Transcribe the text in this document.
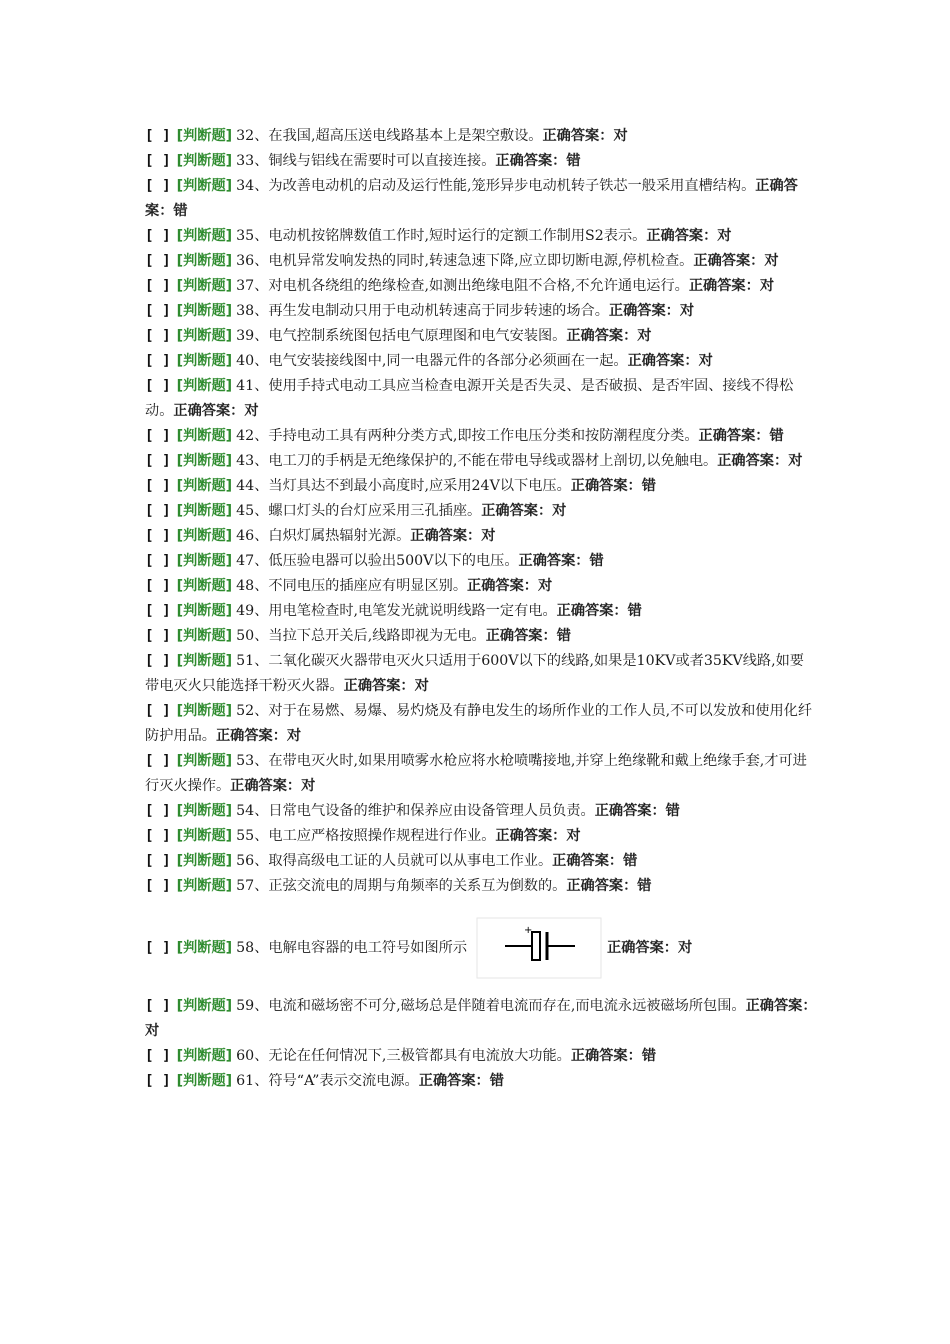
[ ] [判断题] 32、在我国,超高压送电线路基本上是架空敷设。正确答案：对

[ ] [判断题] 33、铜线与铝线在需要时可以直接连接。正确答案：错

[ ] [判断题] 34、为改善电动机的启动及运行性能,笼形异步电动机转子铁芯一般采用直槽结构。正确答案：错

[ ] [判断题] 35、电动机按铭牌数值工作时,短时运行的定额工作制用S2表示。正确答案：对

[ ] [判断题] 36、电机异常发响发热的同时,转速急速下降,应立即切断电源,停机检查。正确答案：对

[ ] [判断题] 37、对电机各绕组的绝缘检查,如测出绝缘电阻不合格,不允许通电运行。正确答案：对

[ ] [判断题] 38、再生发电制动只用于电动机转速高于同步转速的场合。正确答案：对

[ ] [判断题] 39、电气控制系统图包括电气原理图和电气安装图。正确答案：对

[ ] [判断题] 40、电气安装接线图中,同一电器元件的各部分必须画在一起。正确答案：对

[ ] [判断题] 41、使用手持式电动工具应当检查电源开关是否失灵、是否破损、是否牢固、接线不得松动。正确答案：对

[ ] [判断题] 42、手持电动工具有两种分类方式,即按工作电压分类和按防潮程度分类。正确答案：错

[ ] [判断题] 43、电工刀的手柄是无绝缘保护的,不能在带电导线或器材上剖切,以免触电。正确答案：对

[ ] [判断题] 44、当灯具达不到最小高度时,应采用24V以下电压。正确答案：错

[ ] [判断题] 45、螺口灯头的台灯应采用三孔插座。正确答案：对

[ ] [判断题] 46、白炽灯属热辐射光源。正确答案：对

[ ] [判断题] 47、低压验电器可以验出500V以下的电压。正确答案：错

[ ] [判断题] 48、不同电压的插座应有明显区别。正确答案：对

[ ] [判断题] 49、用电笔检查时,电笔发光就说明线路一定有电。正确答案：错

[ ] [判断题] 50、当拉下总开关后,线路即视为无电。正确答案：错

[ ] [判断题] 51、二氧化碳灭火器带电灭火只适用于600V以下的线路,如果是10KV或者35KV线路,如要带电灭火只能选择干粉灭火器。正确答案：对

[ ] [判断题] 52、对于在易燃、易爆、易灼烧及有静电发生的场所作业的工作人员,不可以发放和使用化纤防护用品。正确答案：对

[ ] [判断题] 53、在带电灭火时,如果用喷雾水枪应将水枪喷嘴接地,并穿上绝缘靴和戴上绝缘手套,才可进行灭火操作。正确答案：对

[ ] [判断题] 54、日常电气设备的维护和保养应由设备管理人员负责。正确答案：错

[ ] [判断题] 55、电工应严格按照操作规程进行作业。正确答案：对

[ ] [判断题] 56、取得高级电工证的人员就可以从事电工作业。正确答案：错

[ ] [判断题] 57、正弦交流电的周期与角频率的关系互为倒数的。正确答案：错

[ ] [判断题] 58、电解电容器的电工符号如图所示
+
正确答案：对

[ ] [判断题] 59、电流和磁场密不可分,磁场总是伴随着电流而存在,而电流永远被磁场所包围。正确答案：对

[ ] [判断题] 60、无论在任何情况下,三极管都具有电流放大功能。正确答案：错

[ ] [判断题] 61、符号“A”表示交流电源。正确答案：错
